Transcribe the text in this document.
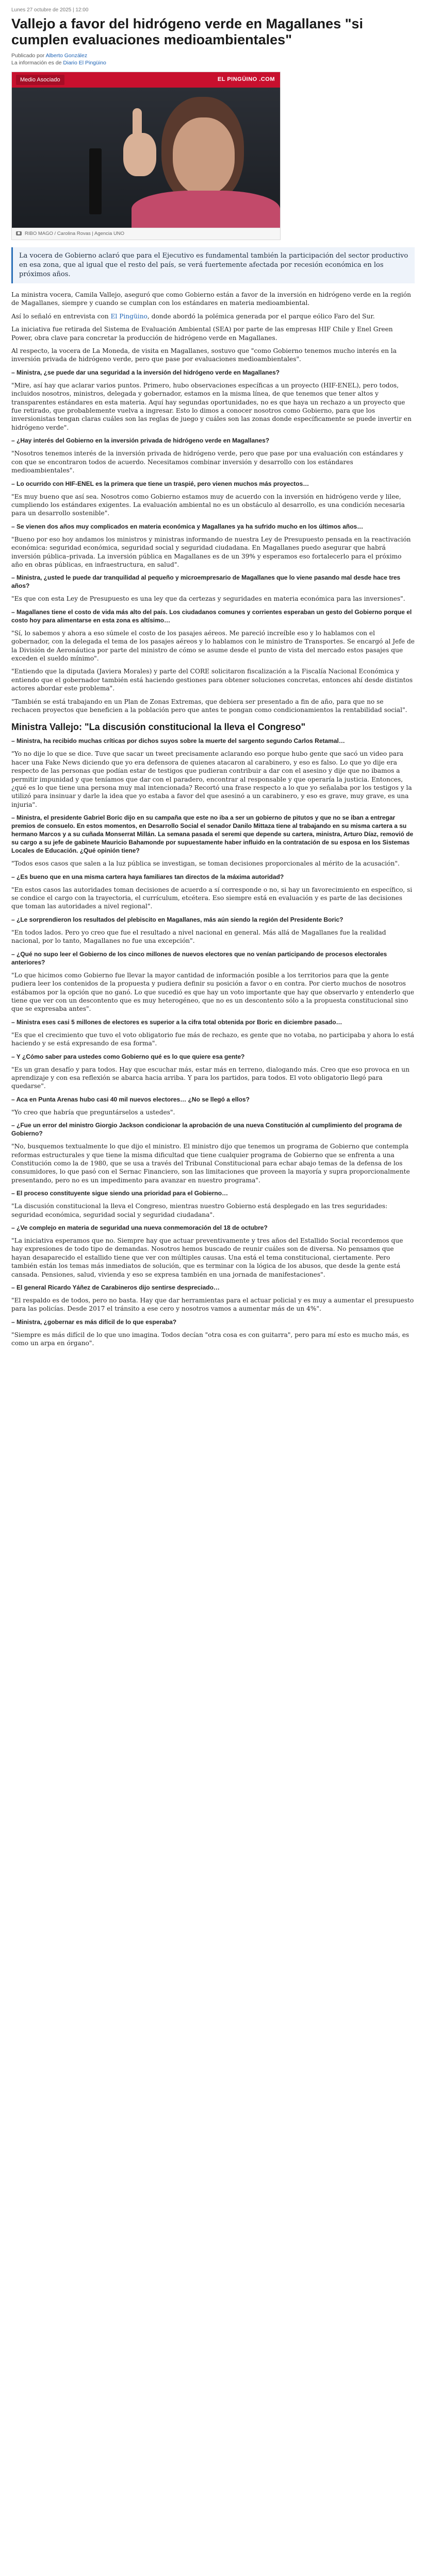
Lunes 27 octubre de 2025 | 12:00
Vallejo a favor del hidrógeno verde en Magallanes "si cumplen evaluaciones medioambientales"
Publicado por Alberto González
La información es de Diario El Pingüino
Medio Asociado	EL PINGÜINO .COM
RIBO MAGO / Carolina Rovas | Agencia UNO
La vocera de Gobierno aclaró que para el Ejecutivo es fundamental también la participación del sector productivo en esa zona, que al igual que el resto del país, se verá fuertemente afectada por recesión económica en los próximos años.

La ministra vocera, Camila Vallejo, aseguró que como Gobierno están a favor de la inversión en hidrógeno verde en la región de Magallanes, siempre y cuando se cumplan con los estándares en materia medioambiental.

Así lo señaló en entrevista con El Pingüino, donde abordó la polémica generada por el parque eólico Faro del Sur.

La iniciativa fue retirada del Sistema de Evaluación Ambiental (SEA) por parte de las empresas HIF Chile y Enel Green Power, obra clave para concretar la producción de hidrógeno verde en Magallanes.

Al respecto, la vocera de La Moneda, de visita en Magallanes, sostuvo que "como Gobierno tenemos mucho interés en la inversión privada de hidrógeno verde, pero que pase por evaluaciones medioambientales".

– Ministra, ¿se puede dar una seguridad a la inversión del hidrógeno verde en Magallanes?

"Mire, así hay que aclarar varios puntos. Primero, hubo observaciones específicas a un proyecto (HIF-ENEL), pero todos, incluidos nosotros, ministros, delegada y gobernador, estamos en la misma línea, de que tenemos que tener altos y transparentes estándares en esta materia. Aquí hay segundas oportunidades, no es que haya un rechazo a un proyecto que fue retirado, que probablemente vuelva a ingresar. Esto lo dimos a conocer nosotros como Gobierno, para que los inversionistas tengan claras cuáles son las reglas de juego y cuáles son las zonas donde específicamente se puede invertir en hidrógeno verde".

– ¿Hay interés del Gobierno en la inversión privada de hidrógeno verde en Magallanes?

"Nosotros tenemos interés de la inversión privada de hidrógeno verde, pero que pase por una evaluación con estándares y con que se encontraron todos de acuerdo. Necesitamos combinar inversión y desarrollo con los estándares medioambientales".

– Lo ocurrido con HIF-ENEL es la primera que tiene un traspié, pero vienen muchos más proyectos…

"Es muy bueno que así sea. Nosotros como Gobierno estamos muy de acuerdo con la inversión en hidrógeno verde y lilee, cumpliendo los estándares exigentes. La evaluación ambiental no es un obstáculo al desarrollo, es una condición necesaria para un desarrollo sostenible".

– Se vienen dos años muy complicados en materia económica y Magallanes ya ha sufrido mucho en los últimos años…

"Bueno por eso hoy andamos los ministros y ministras informando de nuestra Ley de Presupuesto pensada en la reactivación económica: seguridad económica, seguridad social y seguridad ciudadana. En Magallanes puedo asegurar que habrá inversión pública–privada. La inversión pública en Magallanes es de un 39% y esperamos eso fortalecerlo para el próximo año en obras públicas, en infraestructura, en salud".

– Ministra, ¿usted le puede dar tranquilidad al pequeño y microempresario de Magallanes que lo viene pasando mal desde hace tres años?

"Es que con esta Ley de Presupuesto es una ley que da certezas y seguridades en materia económica para las inversiones".

– Magallanes tiene el costo de vida más alto del país. Los ciudadanos comunes y corrientes esperaban un gesto del Gobierno porque el costo hoy para alimentarse en esta zona es altísimo…

"Sí, lo sabemos y ahora a eso súmele el costo de los pasajes aéreos. Me pareció increíble eso y lo hablamos con el gobernador, con la delegada el tema de los pasajes aéreos y lo hablamos con le ministro de Transportes. Se encargó al Jefe de la División de Aeronáutica por parte del ministro de cómo se asume desde el punto de vista del mercado estos pasajes que exceden el sueldo mínimo".

"Entiendo que la diputada (Javiera Morales) y parte del CORE solicitaron fiscalización a la Fiscalía Nacional Económica y entiendo que el gobernador también está haciendo gestiones para obtener soluciones concretas, entonces ahí desde distintos actores abordar este problema".

"También se está trabajando en un Plan de Zonas Extremas, que debiera ser presentado a fin de año, para que no se rechacen proyectos que beneficien a la población pero que antes te pongan como condicionamientos la rentabilidad social".

Ministra Vallejo: "La discusión constitucional la lleva el Congreso"

– Ministra, ha recibido muchas críticas por dichos suyos sobre la muerte del sargento segundo Carlos Retamal…

"Yo no dije lo que se dice. Tuve que sacar un tweet precisamente aclarando eso porque hubo gente que sacó un video para hacer una Fake News diciendo que yo era defensora de quienes atacaron al carabinero, y eso es falso. Lo que yo dije era respecto de las personas que podían estar de testigos que pudieran contribuir a dar con el asesino y dije que no ibamos a permitir impunidad y que teníamos que dar con el paradero, encontrar al responsable y que operaría la justicia. Entonces, ¿qué es lo que tiene una persona muy mal intencionada? Recortó una frase respecto a lo que yo señalaba por los testigos y la utilizó para insinuar y darle la idea que yo estaba a favor del que asesinó a un carabinero, y eso es grave, muy grave, es una injuria".

– Ministra, el presidente Gabriel Boric dijo en su campaña que este no iba a ser un gobierno de pitutos y que no se iban a entregar premios de consuelo. En estos momentos, en Desarrollo Social el senador Danilo Mittaza tiene al trabajando en su misma cartera a su hermano Marcos y a su cuñada Monserrat Millán. La semana pasada el seremi que depende su cartera, ministra, Arturo Díaz, removió de su cargo a su jefe de gabinete Mauricio Bahamonde por supuestamente haber influido en la contratación de su esposa en los Sistemas Locales de Educación. ¿Qué opinión tiene?

"Todos esos casos que salen a la luz pública se investigan, se toman decisiones proporcionales al mérito de la acusación".

– ¿Es bueno que en una misma cartera haya familiares tan directos de la máxima autoridad?

"En estos casos las autoridades toman decisiones de acuerdo a sí corresponde o no, si hay un favorecimiento en específico, si se condice el cargo con la trayectoria, el currículum, etcétera. Eso siempre está en evaluación y es parte de las decisiones que toman las autoridades a nivel regional".

– ¿Le sorprendieron los resultados del plebiscito en Magallanes, más aún siendo la región del Presidente Boric?

"En todos lados. Pero yo creo que fue el resultado a nivel nacional en general. Más allá de Magallanes fue la realidad nacional, por lo tanto, Magallanes no fue una excepción".

– ¿Qué no supo leer el Gobierno de los cinco millones de nuevos electores que no venían participando de procesos electorales anteriores?

"Lo que hicimos como Gobierno fue llevar la mayor cantidad de información posible a los territorios para que la gente pudiera leer los contenidos de la propuesta y pudiera definir su posición a favor o en contra. Por cierto muchos de nosotros estábamos por la opción que no ganó. Lo que sucedió es que hay un voto importante que hay que observarlo y entenderlo que tiene que ver con un descontento que es muy heterogéneo, que no es un descontento sólo a la propuesta constitucional sino que se expresaba antes".

– Ministra eses casi 5 millones de electores es superior a la cifra total obtenida por Boric en diciembre pasado…

"Es que el crecimiento que tuvo el voto obligatorio fue más de rechazo, es gente que no votaba, no participaba y ahora lo está haciendo y se está expresando de esa forma".

– Y ¿Cómo saber para ustedes como Gobierno qué es lo que quiere esa gente?

"Es un gran desafío y para todos. Hay que escuchar más, estar más en terreno, dialogando más. Creo que eso provoca en un aprendizaje y con esa reflexión se abarca hacia arriba. Y para los partidos, para todos. El voto obligatorio llegó para quedarse".

– Aca en Punta Arenas hubo casi 40 mil nuevos electores… ¿No se llegó a ellos?

"Yo creo que habría que preguntárselos a ustedes".

– ¿Fue un error del ministro Giorgio Jackson condicionar la aprobación de una nueva Constitución al cumplimiento del programa de Gobierno?

"No, busquemos textualmente lo que dijo el ministro. El ministro dijo que tenemos un programa de Gobierno que contempla reformas estructurales y que tiene la misma dificultad que tiene cualquier programa de Gobierno que se enfrenta a una Constitución como la de 1980, que se usa a través del Tribunal Constitucional para echar abajo temas de la defensa de los consumidores, lo que pasó con el Sernac Financiero, son las limitaciones que proveen la mayoría y supra proporcionalmente presentando, pero no es un impedimento para avanzar en nuestro programa".

– El proceso constituyente sigue siendo una prioridad para el Gobierno…

"La discusión constitucional la lleva el Congreso, mientras nuestro Gobierno está desplegado en las tres seguridades: seguridad económica, seguridad social y seguridad ciudadana".

– ¿Ve complejo en materia de seguridad una nueva conmemoración del 18 de octubre?

"La iniciativa esperamos que no. Siempre hay que actuar preventivamente y tres años del Estallido Social recordemos que hay expresiones de todo tipo de demandas. Nosotros hemos buscado de reunir cuáles son de diversa. No pensamos que hayan desaparecido el estallido tiene que ver con múltiples causas. Una está el tema constitucional, ciertamente. Pero también están los temas más inmediatos de solución, que es terminar con la lógica de los abusos, que desde la gente está cansada. Pensiones, salud, vivienda y eso se expresa también en una jornada de manifestaciones".

– El general Ricardo Yáñez de Carabineros dijo sentirse despreciado…

"El respaldo es de todos, pero no basta. Hay que dar herramientas para el actuar policial y es muy a aumentar el presupuesto para las policías. Desde 2017 el tránsito a ese cero y nosotros vamos a aumentar más de un 4%".

– Ministra, ¿gobernar es más difícil de lo que esperaba?

"Siempre es más difícil de lo que uno imagina. Todos decían "otra cosa es con guitarra", pero para mí esto es mucho más, es como un arpa en órgano".
